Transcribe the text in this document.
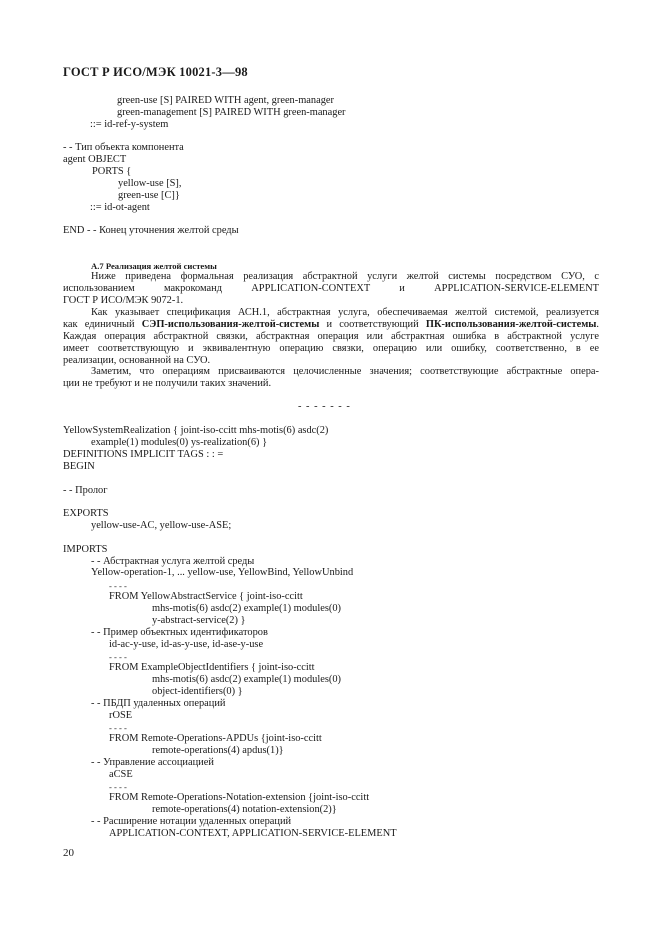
ГОСТ Р ИСО/МЭК 10021-3—98
green-use [S] PAIRED WITH agent, green-manager
green-management [S] PAIRED WITH green-manager
::= id-ref-y-system
- - Тип объекта компонента
agent OBJECT
PORTS {
yellow-use [S],
green-use [C]}
::= id-ot-agent
END - - Конец уточнения желтой среды
A.7 Реализация желтой системы
Ниже приведена формальная реализация абстрактной услуги желтой системы посредством СУО, с
использованием макрокоманд APPLICATION-CONTEXT и APPLICATION-SERVICE-ELEMENT
ГОСТ Р ИСО/МЭК 9072-1.
Как указывает спецификация АСН.1, абстрактная услуга, обеспечиваемая желтой системой, реализуется
как единичный СЭП-использования-желтой-системы и соответствующий ПК-использования-желтой-системы.
Каждая операция абстрактной связки, абстрактная операция или абстрактная ошибка в абстрактной услуге
имеет соответствующую и эквивалентную операцию связки, операцию или ошибку, соответственно, в ее
реализации, основанной на СУО.
Заметим, что операциям присваиваются целочисленные значения; соответствующие абстрактные опера-
ции не требуют и не получили таких значений.
- - - - - - -
YellowSystemRealization { joint-iso-ccitt mhs-motis(6) asdc(2)
example(1) modules(0) ys-realization(6) }
DEFINITIONS IMPLICIT TAGS : : =
BEGIN
- - Пролог
EXPORTS
yellow-use-AC, yellow-use-ASE;
IMPORTS
- - Абстрактная услуга желтой среды
Yellow-operation-1, ... yellow-use, YellowBind, YellowUnbind
- - - -
FROM YellowAbstractService { joint-iso-ccitt
mhs-motis(6) asdc(2) example(1) modules(0)
y-abstract-service(2) }
- - Пример объектных идентификаторов
id-ac-y-use, id-as-y-use, id-ase-y-use
- - - -
FROM ExampleObjectIdentifiers { joint-iso-ccitt
mhs-motis(6) asdc(2) example(1) modules(0)
object-identifiers(0) }
- - ПБДП удаленных операций
rOSE
- - - -
FROM Remote-Operations-APDUs {joint-iso-ccitt
remote-operations(4) apdus(1)}
- - Управление ассоциацией
aCSE
- - - -
FROM Remote-Operations-Notation-extension {joint-iso-ccitt
remote-operations(4) notation-extension(2)}
- - Расширение нотации удаленных операций
APPLICATION-CONTEXT, APPLICATION-SERVICE-ELEMENT
20
